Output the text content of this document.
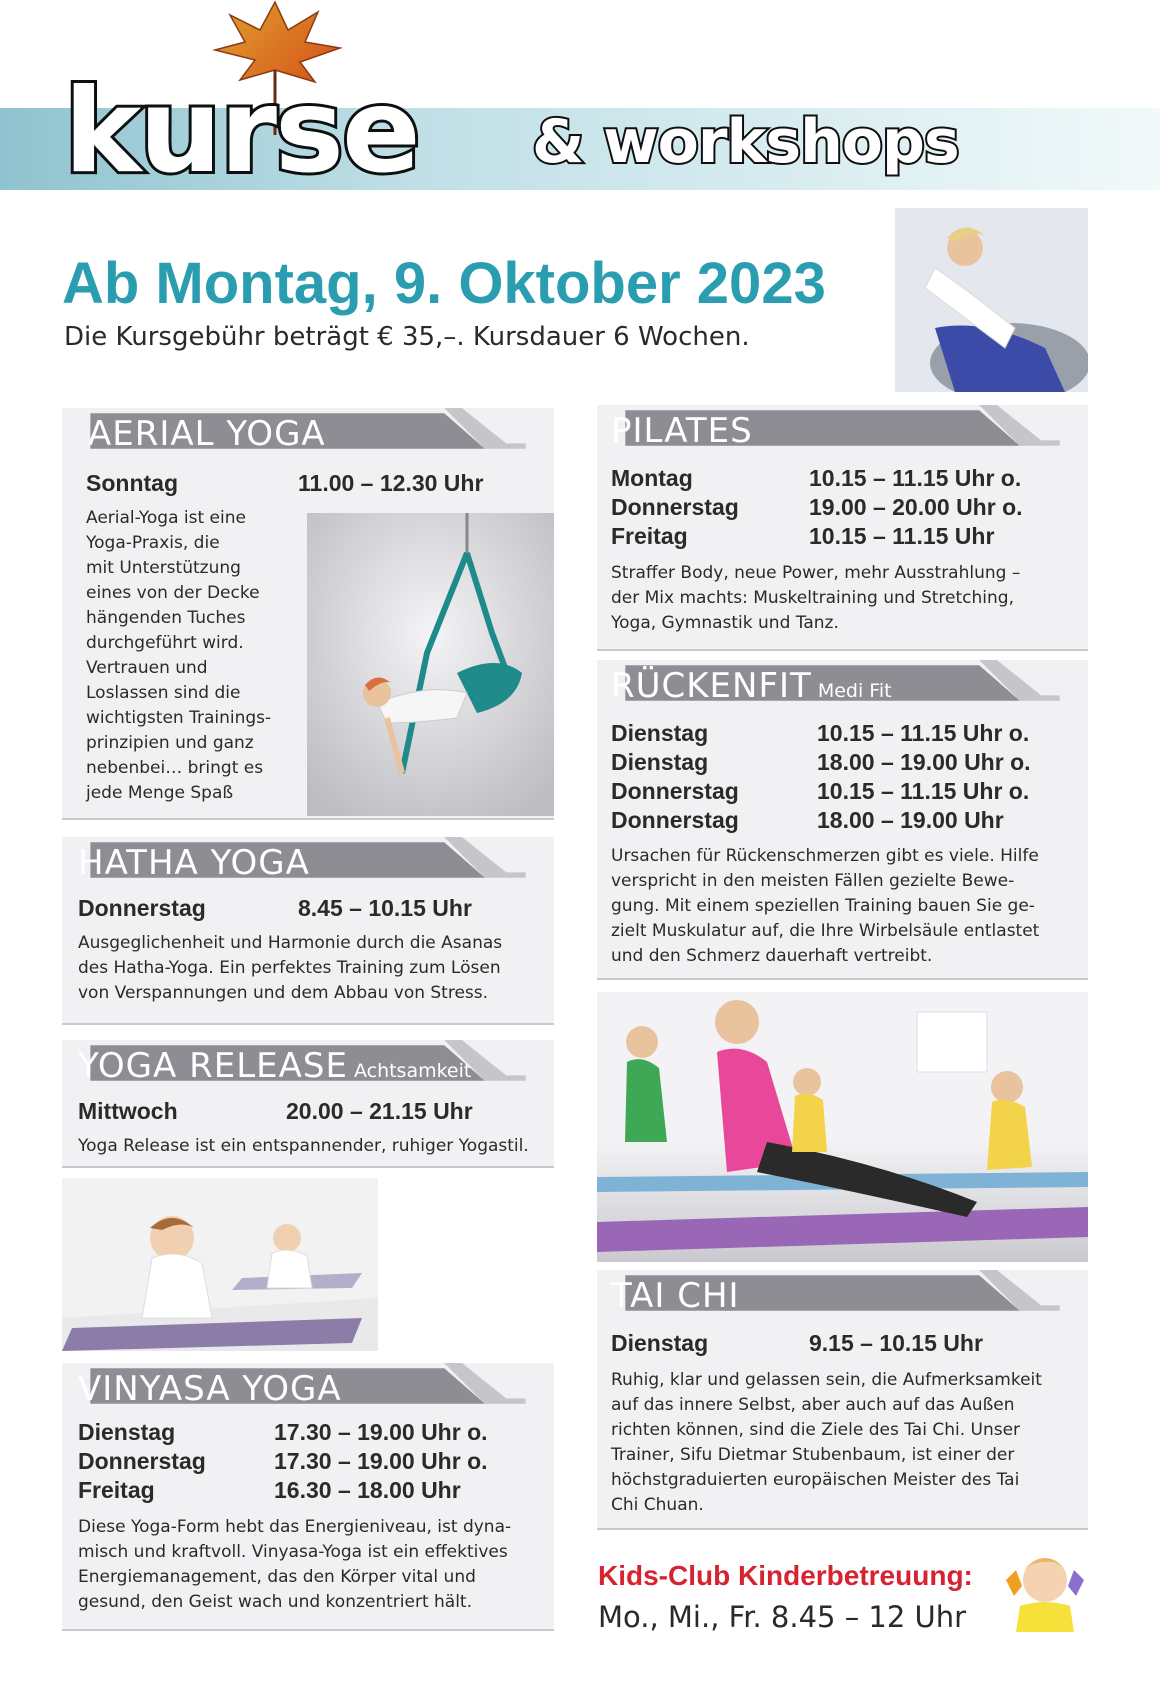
kurse & workshops
Ab Montag, 9. Oktober 2023
Die Kursgebühr beträgt € 35,–. Kursdauer 6 Wochen.
AERIAL YOGA
Sonntag	11.00 – 12.30 Uhr
Aerial-Yoga ist eine
Yoga-Praxis, die
mit Unterstützung
eines von der Decke
hängenden Tuches
durchgeführt wird.
Vertrauen und
Loslassen sind die
wichtigsten Trainings-
prinzipien und ganz
nebenbei… bringt es
jede Menge Spaß
HATHA YOGA
Donnerstag	8.45 – 10.15 Uhr
Ausgeglichenheit und Harmonie durch die Asanas
des Hatha-Yoga. Ein perfektes Training zum Lösen
von Verspannungen und dem Abbau von Stress.
YOGA RELEASE Achtsamkeit
Mittwoch	20.00 – 21.15 Uhr
Yoga Release ist ein entspannender, ruhiger Yogastil.
VINYASA YOGA
Dienstag	17.30 – 19.00 Uhr o.
Donnerstag	17.30 – 19.00 Uhr o.
Freitag	16.30 – 18.00 Uhr
Diese Yoga-Form hebt das Energieniveau, ist dyna-
misch und kraftvoll. Vinyasa-Yoga ist ein effektives
Energiemanagement, das den Körper vital und
gesund, den Geist wach und konzentriert hält.
PILATES
Montag	10.15 – 11.15 Uhr o.
Donnerstag	19.00 – 20.00 Uhr o.
Freitag	10.15 – 11.15 Uhr
Straffer Body, neue Power, mehr Ausstrahlung –
der Mix machts: Muskeltraining und Stretching,
Yoga, Gymnastik und Tanz.
RÜCKENFIT Medi Fit
Dienstag	10.15 – 11.15 Uhr o.
Dienstag	18.00 – 19.00 Uhr o.
Donnerstag	10.15 – 11.15 Uhr o.
Donnerstag	18.00 – 19.00 Uhr
Ursachen für Rückenschmerzen gibt es viele. Hilfe
verspricht in den meisten Fällen gezielte Bewe-
gung. Mit einem speziellen Training bauen Sie ge-
zielt Muskulatur auf, die Ihre Wirbelsäule entlastet
und den Schmerz dauerhaft vertreibt.
TAI CHI
Dienstag	9.15 – 10.15 Uhr
Ruhig, klar und gelassen sein, die Aufmerksamkeit
auf das innere Selbst, aber auch auf das Außen
richten können, sind die Ziele des Tai Chi. Unser
Trainer, Sifu Dietmar Stubenbaum, ist einer der
höchstgraduierten europäischen Meister des Tai
Chi Chuan.
Kids-Club Kinderbetreuung:
Mo., Mi., Fr. 8.45 – 12 Uhr
